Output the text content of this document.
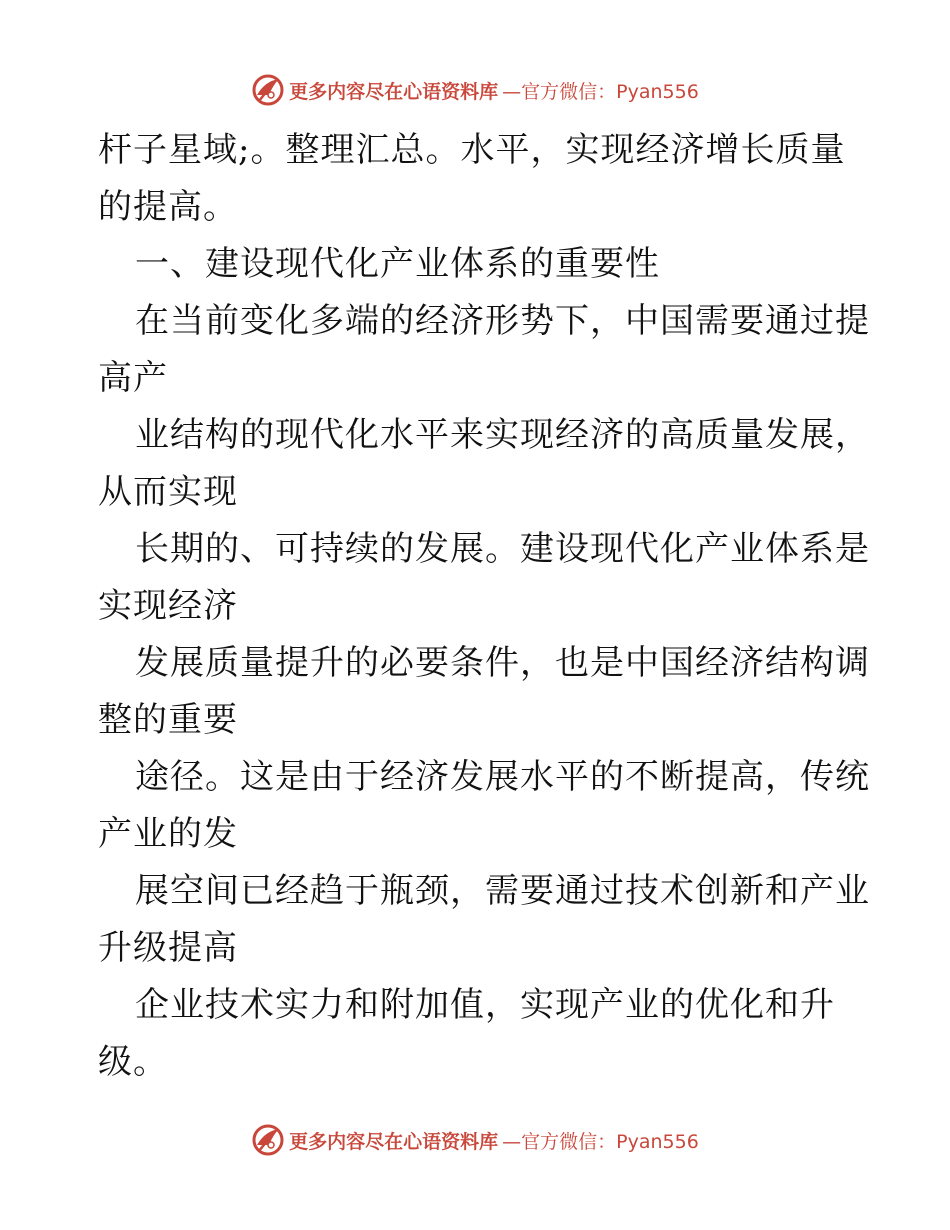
更多内容尽在心语资料库 —官方微信：Pyan556
杆子星域;。整理汇总。水平，实现经济增长质量
的提高。
一、建设现代化产业体系的重要性
在当前变化多端的经济形势下，中国需要通过提
高产
业结构的现代化水平来实现经济的高质量发展，
从而实现
长期的、可持续的发展。建设现代化产业体系是
实现经济
发展质量提升的必要条件，也是中国经济结构调
整的重要
途径。这是由于经济发展水平的不断提高，传统
产业的发
展空间已经趋于瓶颈，需要通过技术创新和产业
升级提高
企业技术实力和附加值，实现产业的优化和升
级。
更多内容尽在心语资料库 —官方微信：Pyan556
